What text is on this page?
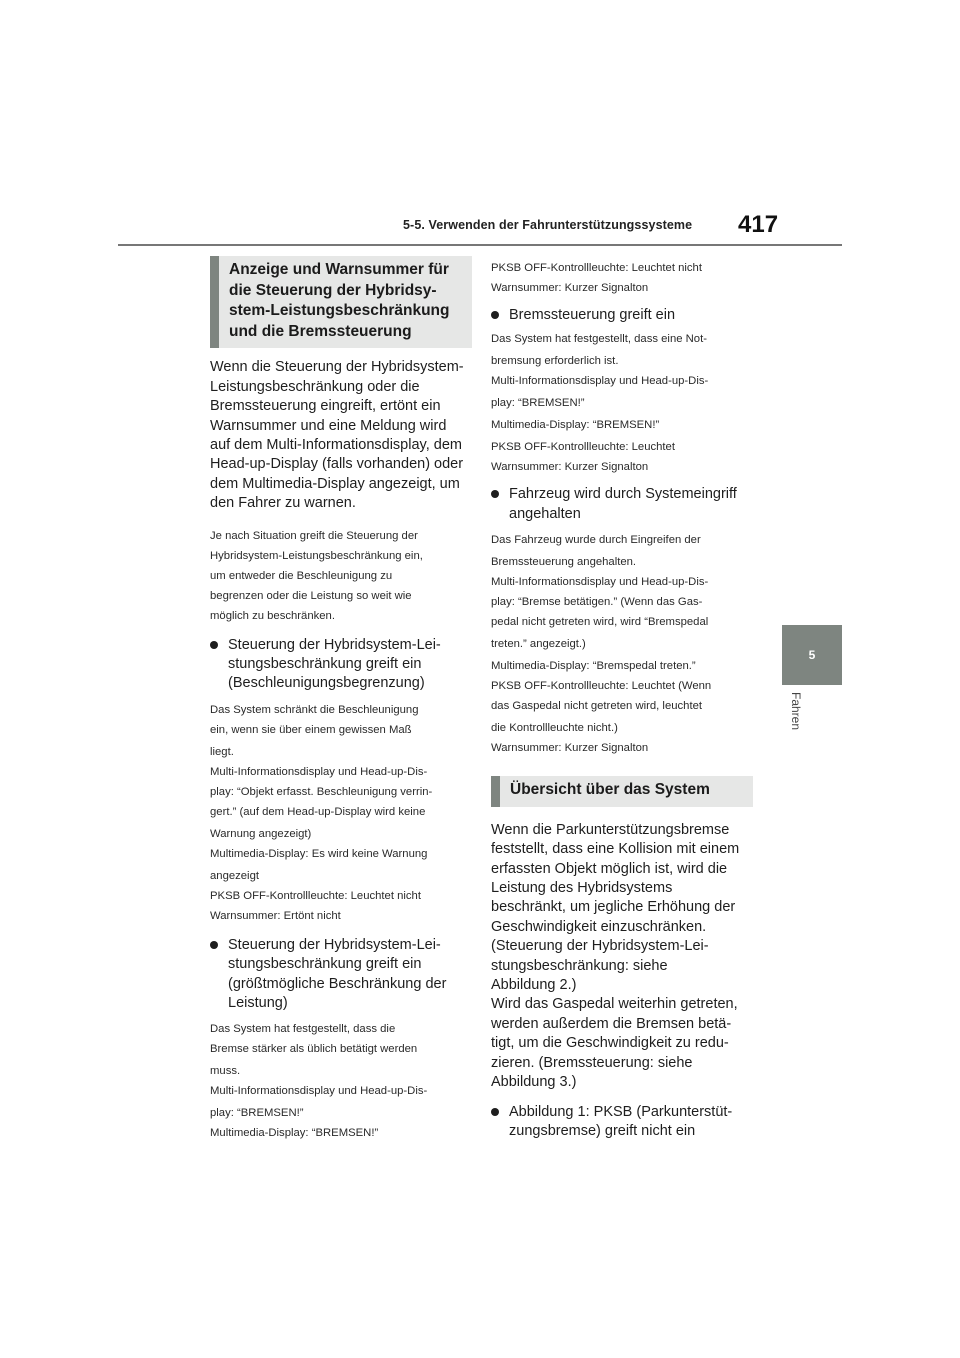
5-5. Verwenden der Fahrunterstützungssysteme 417
5
Fahren
Anzeige und Warnsummer für
die Steuerung der Hybridsy-
stem-Leistungsbeschränkung
und die Bremssteuerung
Wenn die Steuerung der Hybridsystem-
Leistungsbeschränkung oder die
Bremssteuerung eingreift, ertönt ein
Warnsummer und eine Meldung wird
auf dem Multi-Informationsdisplay, dem
Head-up-Display (falls vorhanden) oder
dem Multimedia-Display angezeigt, um
den Fahrer zu warnen.
Je nach Situation greift die Steuerung der
Hybridsystem-Leistungsbeschränkung ein,
um entweder die Beschleunigung zu
begrenzen oder die Leistung so weit wie
möglich zu beschränken.
Steuerung der Hybridsystem-Lei-
stungsbeschränkung greift ein
(Beschleunigungsbegrenzung)
Das System schränkt die Beschleunigung
ein, wenn sie über einem gewissen Maß
liegt.
Multi-Informationsdisplay und Head-up-Dis-
play: “Objekt erfasst. Beschleunigung verrin-
gert.” (auf dem Head-up-Display wird keine
Warnung angezeigt)
Multimedia-Display: Es wird keine Warnung
angezeigt
PKSB OFF-Kontrollleuchte: Leuchtet nicht
Warnsummer: Ertönt nicht
Steuerung der Hybridsystem-Lei-
stungsbeschränkung greift ein
(größtmögliche Beschränkung der
Leistung)
Das System hat festgestellt, dass die
Bremse stärker als üblich betätigt werden
muss.
Multi-Informationsdisplay und Head-up-Dis-
play: “BREMSEN!”
Multimedia-Display: “BREMSEN!”
PKSB OFF-Kontrollleuchte: Leuchtet nicht
Warnsummer: Kurzer Signalton
Bremssteuerung greift ein
Das System hat festgestellt, dass eine Not-
bremsung erforderlich ist.
Multi-Informationsdisplay und Head-up-Dis-
play: “BREMSEN!”
Multimedia-Display: “BREMSEN!”
PKSB OFF-Kontrollleuchte: Leuchtet
Warnsummer: Kurzer Signalton
Fahrzeug wird durch Systemeingriff
angehalten
Das Fahrzeug wurde durch Eingreifen der
Bremssteuerung angehalten.
Multi-Informationsdisplay und Head-up-Dis-
play: “Bremse betätigen.” (Wenn das Gas-
pedal nicht getreten wird, wird “Bremspedal
treten.” angezeigt.)
Multimedia-Display: “Bremspedal treten.”
PKSB OFF-Kontrollleuchte: Leuchtet (Wenn
das Gaspedal nicht getreten wird, leuchtet
die Kontrollleuchte nicht.)
Warnsummer: Kurzer Signalton
Übersicht über das System
Wenn die Parkunterstützungsbremse
feststellt, dass eine Kollision mit einem
erfassten Objekt möglich ist, wird die
Leistung des Hybridsystems
beschränkt, um jegliche Erhöhung der
Geschwindigkeit einzuschränken.
(Steuerung der Hybridsystem-Lei-
stungsbeschränkung: siehe
Abbildung 2.)
Wird das Gaspedal weiterhin getreten,
werden außerdem die Bremsen betä-
tigt, um die Geschwindigkeit zu redu-
zieren. (Bremssteuerung: siehe
Abbildung 3.)
Abbildung 1: PKSB (Parkunterstüt-
zungsbremse) greift nicht ein
